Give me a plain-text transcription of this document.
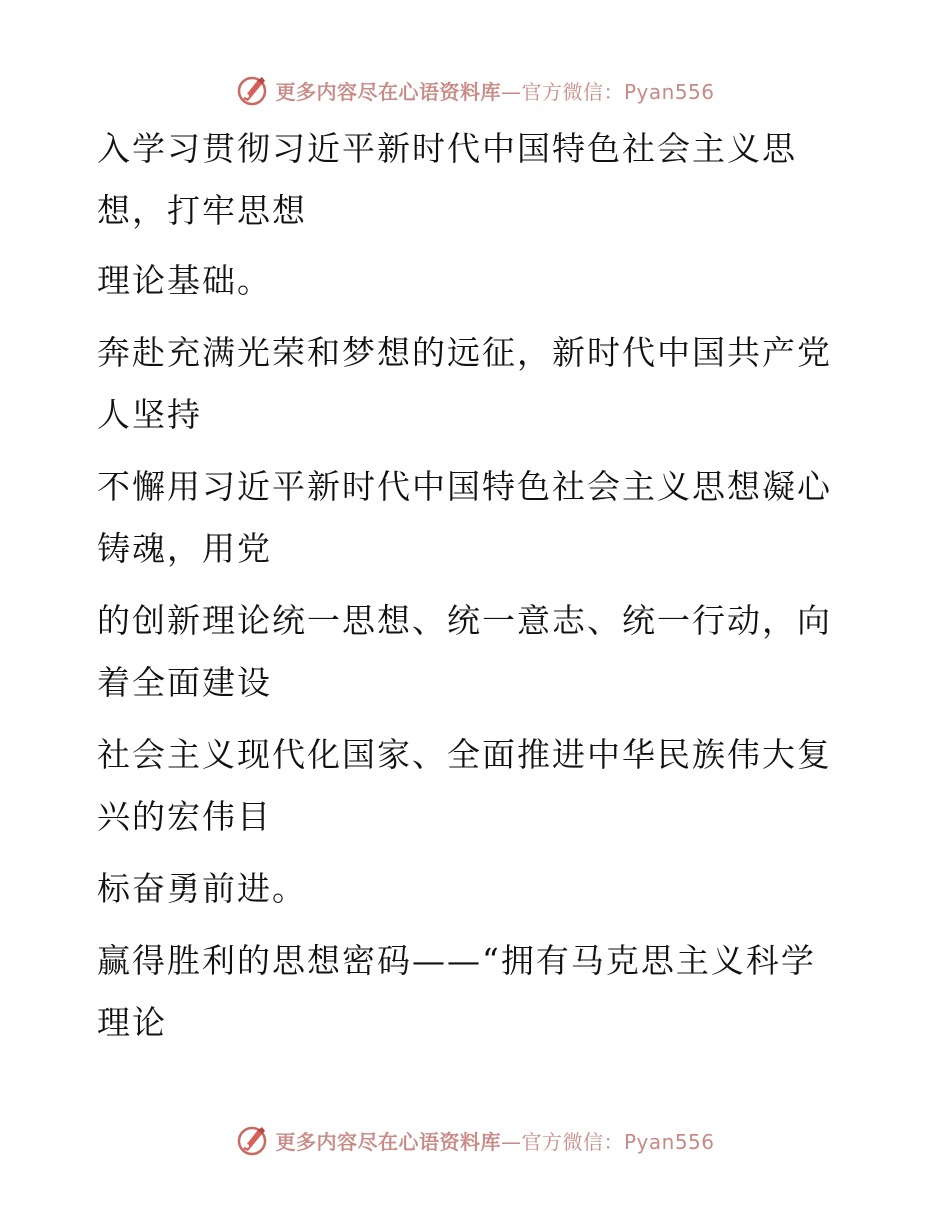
更多内容尽在心语资料库—官方微信：Pyan556
入学习贯彻习近平新时代中国特色社会主义思
想，打牢思想
理论基础。
奔赴充满光荣和梦想的远征，新时代中国共产党
人坚持
不懈用习近平新时代中国特色社会主义思想凝心
铸魂，用党
的创新理论统一思想、统一意志、统一行动，向
着全面建设
社会主义现代化国家、全面推进中华民族伟大复
兴的宏伟目
标奋勇前进。
赢得胜利的思想密码——“拥有马克思主义科学
理论
更多内容尽在心语资料库—官方微信：Pyan556
